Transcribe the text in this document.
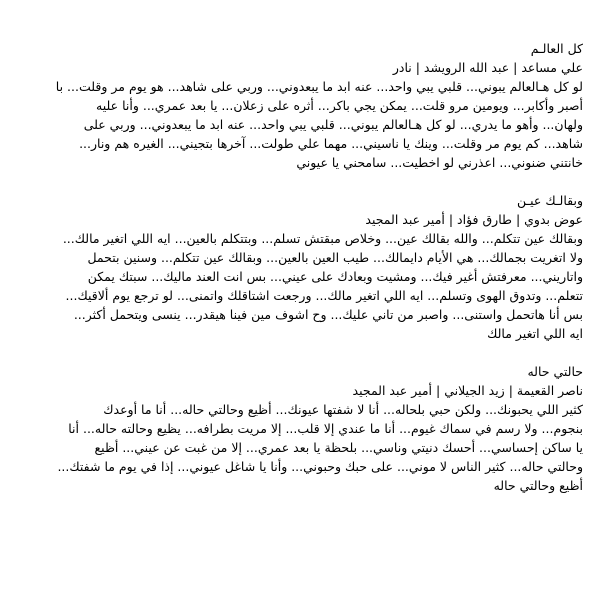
كل العالـم
علي مساعد | عبد الله الرويشد | نادر
لو كل هـالعالم يبوني... قلبي يبي واحد... عنه ابد ما يبعدوني... وربي على شاهد... هو يوم مر وقلت... با
أصبر وأكابر... ويومين مرو قلت... يمكن يجي باكر... أثره على زعلان... يا بعد عمري... وأنا عليه
ولهان... وأهو ما يدري... لو كل هـالعالم يبوني... قلبي يبي واحد... عنه ابد ما يبعدوني... وربي على
شاهد... كم يوم مر وقلت... وينك يا ناسيني... مهما علي طولت... آخرها بتجيني... الغيره هم ونار...
خانتني ضنوني... اعذرني لو اخطيت... سامحني يا عيوني
وبقالـك عيـن
عوض بدوي | طارق فؤاد | أمير عبد المجيد
وبقالك عين تتكلم... والله بقالك عين... وخلاص مبقتش تسلم... وبتتكلم بالعين... ايه اللي اتغير مالك...
ولا اتغريت بجمالك... هي الأيام دايمالك... طيب العين بالعين... وبقالك عين تتكلم... وسنين بتحمل
واتاريني... معرفتش أغير فيك... ومشيت وبعادك على عيني... بس انت العند ماليك... سبتك يمكن
تتعلم... وتدوق الهوى وتسلم... ايه اللي اتغير مالك... ورجعت اشتاقلك واتمنى... لو ترجع يوم ألاقيك...
بس أنا هاتحمل واستنى... واصبر من تاني عليك... وح اشوف مين فينا هيقدر... ينسى ويتحمل أكثر...
ايه اللي اتغير مالك
حالتي حاله
ناصر القعيمة | زيد الجيلاني | أمير عبد المجيد
كثير اللي يحبونك... ولكن حبي بلحاله... أنا لا شفتها عيونك... أظيع وحالتي حاله... أنا ما أوعدك
بنجوم... ولا رسم في سماك غيوم... أنا ما عندي إلا قلب... إلا مريت بطرافه... يظيع وحالته حاله... أنا
يا ساكن إحساسي... أحسك دنيتي وناسي... بلحظة يا بعد عمري... إلا من غبت عن عيني... أظيع
وحالتي حاله... كثير الناس لا موني... على حبك وحبوني... وأنا يا شاغل عيوني... إذا في يوم ما شفتك...
أظيع وحالتي حاله
